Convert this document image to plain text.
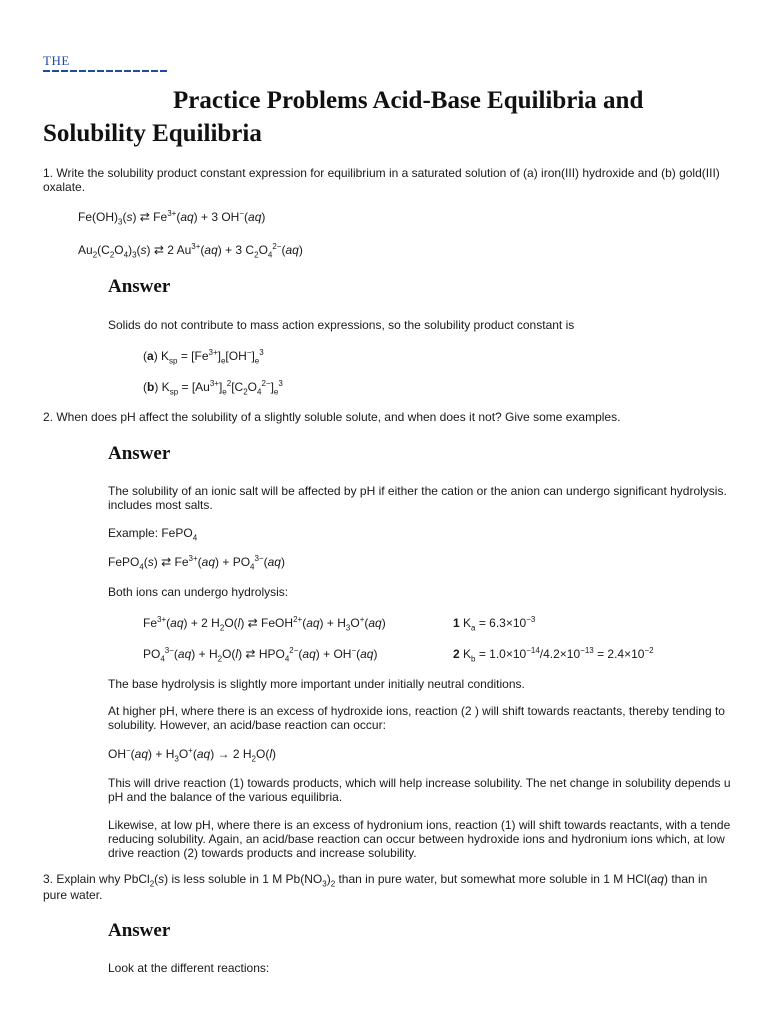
THE
Practice Problems Acid-Base Equilibria and
Solubility Equilibria
1. Write the solubility product constant expression for equilibrium in a saturated solution of (a) iron(III) hydroxide and (b) gold(III)
oxalate.
$Fe(OH)_3(s)$ ⇄ $Fe^{3+}(aq) + 3$ OH−(aq)
$Au_2(C_2O_4)_3(s)$ ⇄ 2 $Au^{3+}(aq) + 3$ $C_2O_4^{2-}(aq)$
Answer
Solids do not contribute to mass action expressions, so the solubility product constant is
(a) $K_{sp} = [Fe^{3+}]_e[OH^-]_e^3$
(b) $K_{sp} = [Au^{3+}]_e^2[C_2O_4^{2-}]_e^3$
2. When does pH affect the solubility of a slightly soluble solute, and when does it not? Give some examples.
Answer
The solubility of an ionic salt will be affected by pH if either the cation or the anion can undergo significant hydrolysis.
includes most salts.
Example: FePO$_4$
FePO$_4$(s) ⇄ $Fe^{3+}(aq) + PO_4^{3-}(aq)$
Both ions can undergo hydrolysis:
$Fe^{3+}(aq) + 2$ $H_2O(l)$ ⇄ FeOH$^{2+}$(aq) + $H_3O^+(aq)$	1 $K_a = 6.3\times 10^{-3}$
$PO_4^{3-}(aq) + H_2O(l)$ ⇄ $HPO_4^{2-}(aq) + OH^-(aq)$	2 $K_b = 1.0\times 10^{-14}/4.2\times 10^{-13} = 2.4\times 10^{-2}$
The base hydrolysis is slightly more important under initially neutral conditions.
At higher pH, where there is an excess of hydroxide ions, reaction (2 ) will shift towards reactants, thereby tending to
solubility. However, an acid/base reaction can occur:
$OH^-(aq) + H_3O^+(aq) \to 2$ $H_2O(l)$
This will drive reaction (1) towards products, which will help increase solubility. The net change in solubility depends u
pH and the balance of the various equilibria.
Likewise, at low pH, where there is an excess of hydronium ions, reaction (1) will shift towards reactants, with a tende
reducing solubility. Again, an acid/base reaction can occur between hydroxide ions and hydronium ions which, at low
drive reaction (2) towards products and increase solubility.
3. Explain why PbCl$_2$(s) is less soluble in 1 M $Pb(NO_3)_2$ than in pure water, but somewhat more soluble in 1 M HCl(aq) than in
pure water.
Answer
Look at the different reactions:
